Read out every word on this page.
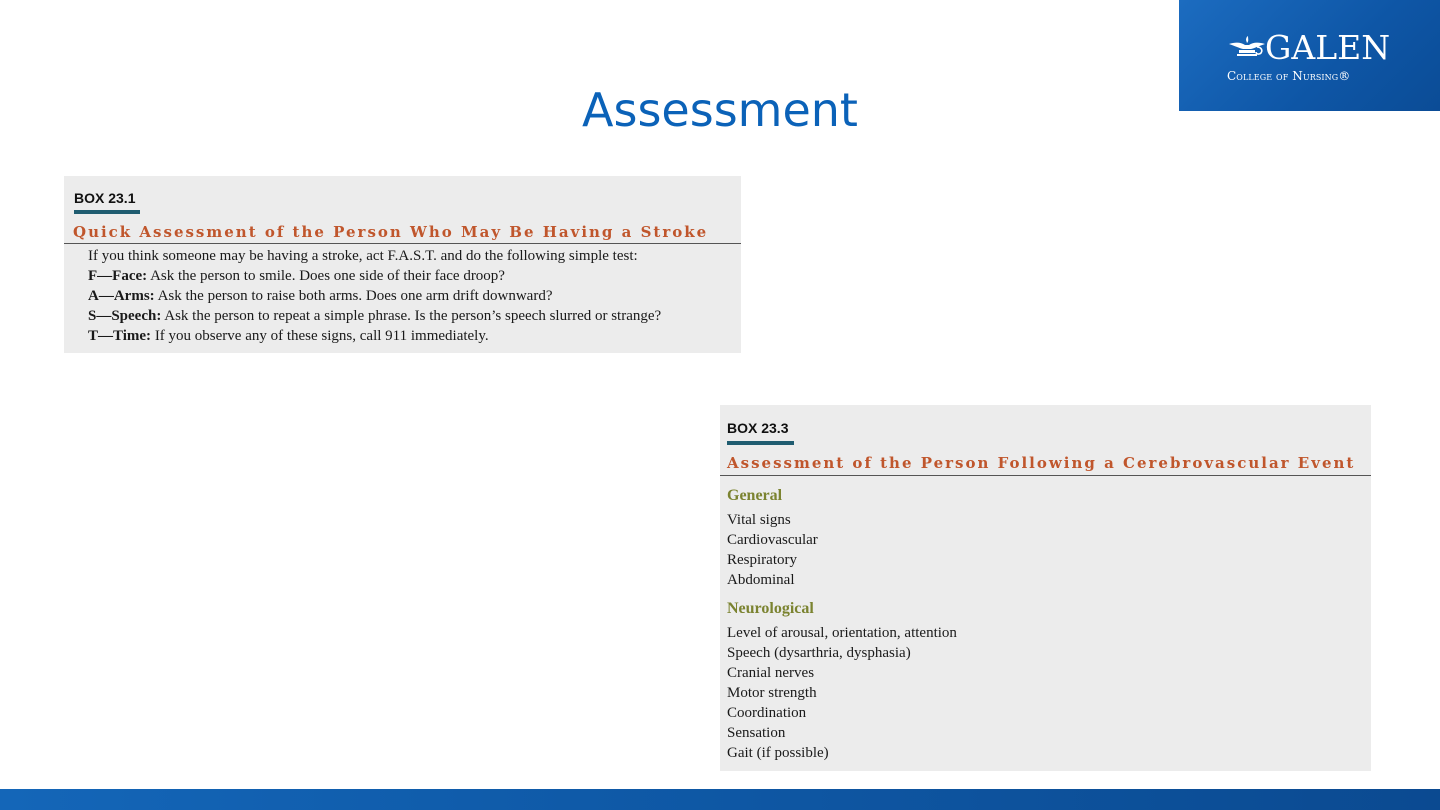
GALEN
College of Nursing®
Assessment
BOX 23.1
Quick Assessment of the Person Who May Be Having a Stroke
If you think someone may be having a stroke, act F.A.S.T. and do the following simple test:
F—Face: Ask the person to smile. Does one side of their face droop?
A—Arms: Ask the person to raise both arms. Does one arm drift downward?
S—Speech: Ask the person to repeat a simple phrase. Is the person’s speech slurred or strange?
T—Time: If you observe any of these signs, call 911 immediately.
BOX 23.3
Assessment of the Person Following a Cerebrovascular Event
General
Vital signs
Cardiovascular
Respiratory
Abdominal
Neurological
Level of arousal, orientation, attention
Speech (dysarthria, dysphasia)
Cranial nerves
Motor strength
Coordination
Sensation
Gait (if possible)
